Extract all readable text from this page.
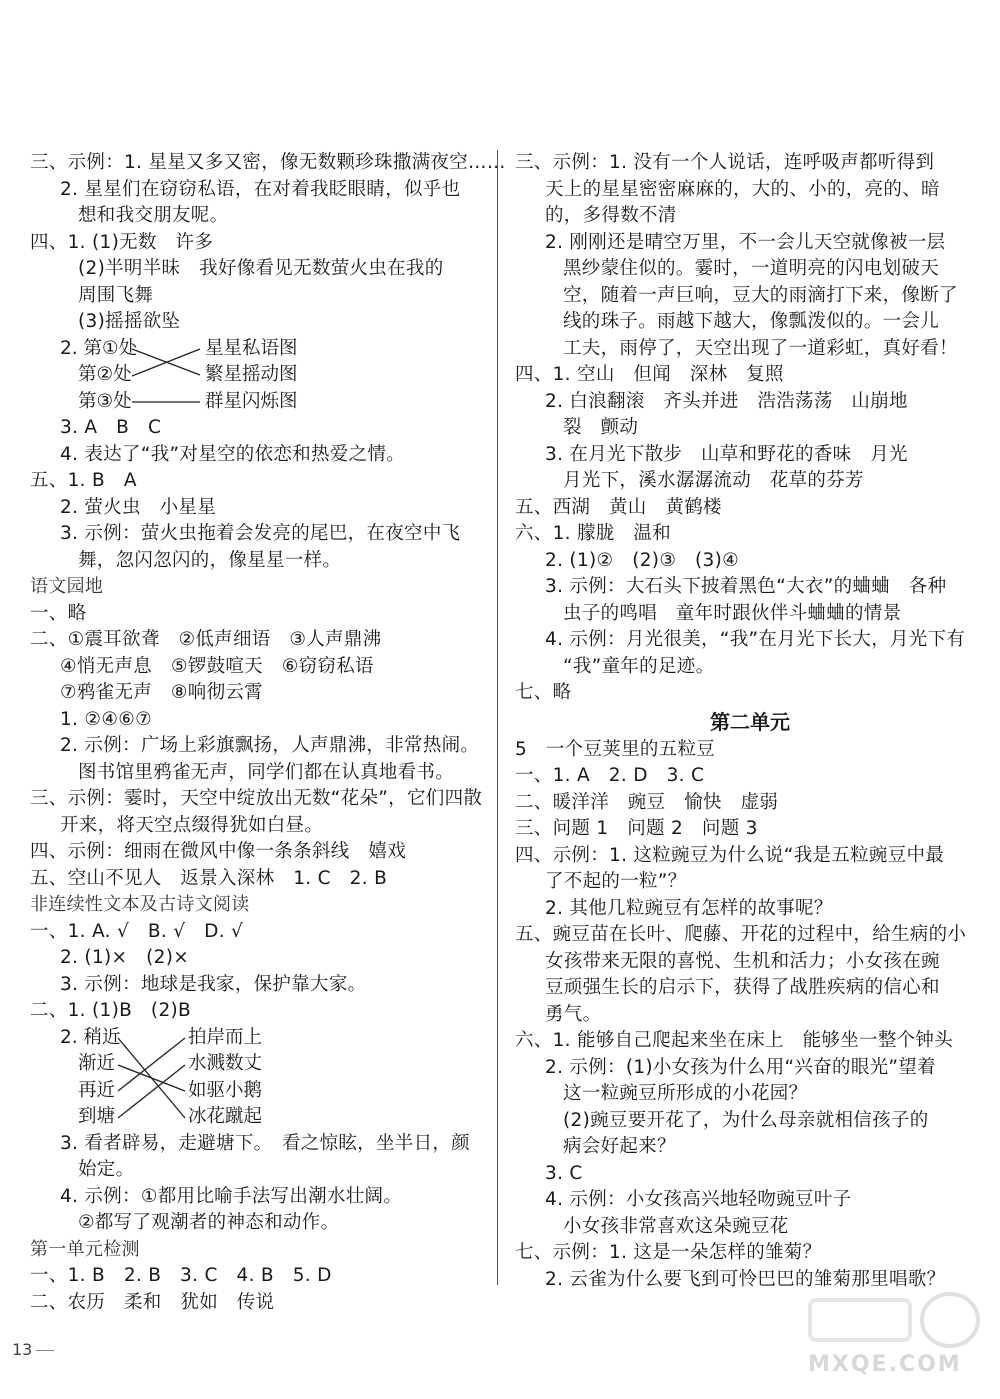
三、示例：1. 星星又多又密，像无数颗珍珠撒满夜空……
2. 星星们在窃窃私语，在对着我眨眼睛，似乎也
想和我交朋友呢。
四、1. (1)无数　许多
(2)半明半昧　我好像看见无数萤火虫在我的
周围飞舞
(3)摇摇欲坠
2. 第①处
第②处
第③处
星星私语图
繁星摇动图
群星闪烁图
3. A　B　C
4. 表达了“我”对星空的依恋和热爱之情。
五、1. B　A
2. 萤火虫　小星星
3. 示例：萤火虫拖着会发亮的尾巴，在夜空中飞
舞，忽闪忽闪的，像星星一样。
语文园地
一、略
二、①震耳欲聋　②低声细语　③人声鼎沸
④悄无声息　⑤锣鼓喧天　⑥窃窃私语
⑦鸦雀无声　⑧响彻云霄
1. ②④⑥⑦
2. 示例：广场上彩旗飘扬，人声鼎沸，非常热闹。
图书馆里鸦雀无声，同学们都在认真地看书。
三、示例：霎时，天空中绽放出无数“花朵”，它们四散
开来，将天空点缀得犹如白昼。
四、示例：细雨在微风中像一条条斜线　嬉戏
五、空山不见人　返景入深林　1. C　2. B
非连续性文本及古诗文阅读
一、1. A. √　B. √　D. √
2. (1)×　(2)×
3. 示例：地球是我家，保护靠大家。
二、1. (1)B　(2)B
2. 稍近
渐近
再近
到塘
拍岸而上
水溅数丈
如驱小鹅
冰花蹴起
3. 看者辟易，走避塘下。　看之惊眩，坐半日，颜
始定。
4. 示例：①都用比喻手法写出潮水壮阔。
②都写了观潮者的神态和动作。
第一单元检测
一、1. B　2. B　3. C　4. B　5. D
二、农历　柔和　犹如　传说
三、示例：1. 没有一个人说话，连呼吸声都听得到
天上的星星密密麻麻的，大的、小的，亮的、暗
的，多得数不清
2. 刚刚还是晴空万里，不一会儿天空就像被一层
黑纱蒙住似的。霎时，一道明亮的闪电划破天
空，随着一声巨响，豆大的雨滴打下来，像断了
线的珠子。雨越下越大，像瓢泼似的。一会儿
工夫，雨停了，天空出现了一道彩虹，真好看！
四、1. 空山　但闻　深林　复照
2. 白浪翻滚　齐头并进　浩浩荡荡　山崩地
裂　颤动
3. 在月光下散步　山草和野花的香味　月光
月光下，溪水潺潺流动　花草的芬芳
五、西湖　黄山　黄鹤楼
六、1. 朦胧　温和
2. (1)②　(2)③　(3)④
3. 示例：大石头下披着黑色“大衣”的蛐蛐　各种
虫子的鸣唱　童年时跟伙伴斗蛐蛐的情景
4. 示例：月光很美，“我”在月光下长大，月光下有
“我”童年的足迹。
七、略
第二单元
5　一个豆荚里的五粒豆
一、1. A　2. D　3. C
二、暖洋洋　豌豆　愉快　虚弱
三、问题 1　问题 2　问题 3
四、示例：1. 这粒豌豆为什么说“我是五粒豌豆中最
了不起的一粒”？
2. 其他几粒豌豆有怎样的故事呢？
五、豌豆苗在长叶、爬藤、开花的过程中，给生病的小
女孩带来无限的喜悦、生机和活力；小女孩在豌
豆顽强生长的启示下，获得了战胜疾病的信心和
勇气。
六、1. 能够自己爬起来坐在床上　能够坐一整个钟头
2. 示例：(1)小女孩为什么用“兴奋的眼光”望着
这一粒豌豆所形成的小花园？
(2)豌豆要开花了，为什么母亲就相信孩子的
病会好起来？
3. C
4. 示例：小女孩高兴地轻吻豌豆叶子
小女孩非常喜欢这朵豌豆花
七、示例：1. 这是一朵怎样的雏菊？
2. 云雀为什么要飞到可怜巴巴的雏菊那里唱歌？
13
MXQE.COM
